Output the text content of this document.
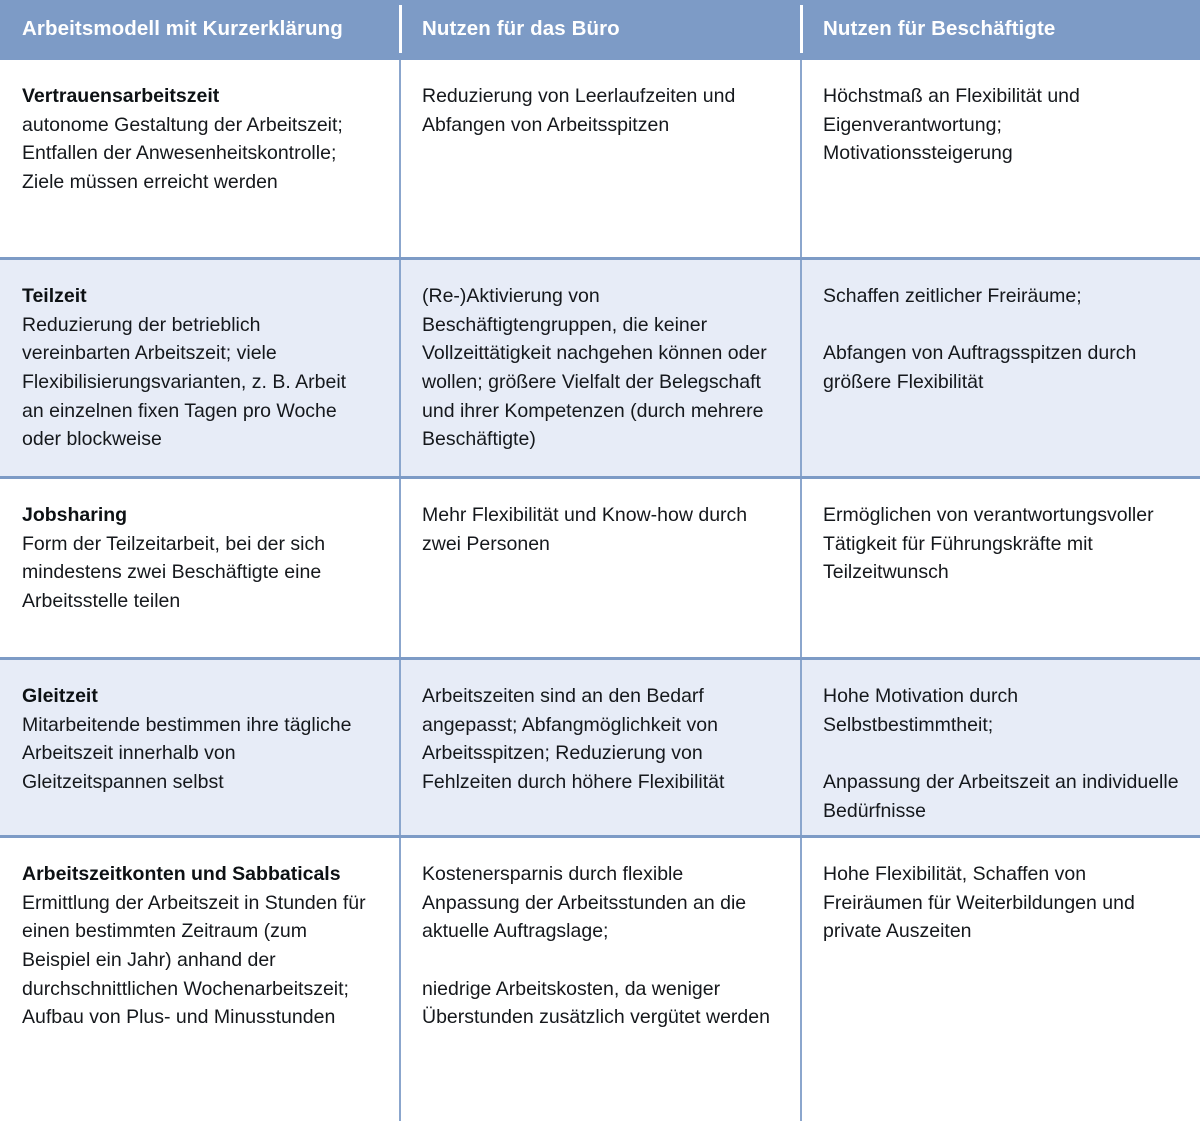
Arbeitsmodell mit Kurzerklärung	Nutzen für das Büro	Nutzen für Beschäftigte
Vertrauensarbeitszeit
autonome Gestaltung der Arbeitszeit; Entfallen der Anwesenheitskontrolle; Ziele müssen erreicht werden

Reduzierung von Leerlaufzeiten und Abfangen von Arbeitsspitzen

Höchstmaß an Flexibilität und Eigenverantwortung; Motivationssteigerung

Teilzeit
Reduzierung der betrieblich vereinbarten Arbeitszeit; viele Flexibilisierungsvarianten, z. B. Arbeit an einzelnen fixen Tagen pro Woche oder blockweise

(Re-)Aktivierung von Beschäftigtengruppen, die keiner Vollzeittätigkeit nachgehen können oder wollen; größere Vielfalt der Belegschaft und ihrer Kompetenzen (durch mehrere Beschäftigte)

Schaffen zeitlicher Freiräume;

Abfangen von Auftragsspitzen durch größere Flexibilität

Jobsharing
Form der Teilzeitarbeit, bei der sich mindestens zwei Beschäftigte eine Arbeitsstelle teilen

Mehr Flexibilität und Know-how durch zwei Personen

Ermöglichen von verantwortungsvoller Tätigkeit für Führungskräfte mit Teilzeitwunsch

Gleitzeit
Mitarbeitende bestimmen ihre tägliche Arbeitszeit innerhalb von Gleitzeitspannen selbst

Arbeitszeiten sind an den Bedarf angepasst; Abfangmöglichkeit von Arbeitsspitzen; Reduzierung von Fehlzeiten durch höhere Flexibilität

Hohe Motivation durch Selbstbestimmtheit;

Anpassung der Arbeitszeit an individuelle Bedürfnisse

Arbeitszeitkonten und Sabbaticals
Ermittlung der Arbeitszeit in Stunden für einen bestimmten Zeitraum (zum Beispiel ein Jahr) anhand der durchschnittlichen Wochenarbeitszeit; Aufbau von Plus- und Minusstunden

Kostenersparnis durch flexible Anpassung der Arbeitsstunden an die aktuelle Auftragslage;

niedrige Arbeitskosten, da weniger Überstunden zusätzlich vergütet werden

Hohe Flexibilität, Schaffen von Freiräumen für Weiterbildungen und private Auszeiten
